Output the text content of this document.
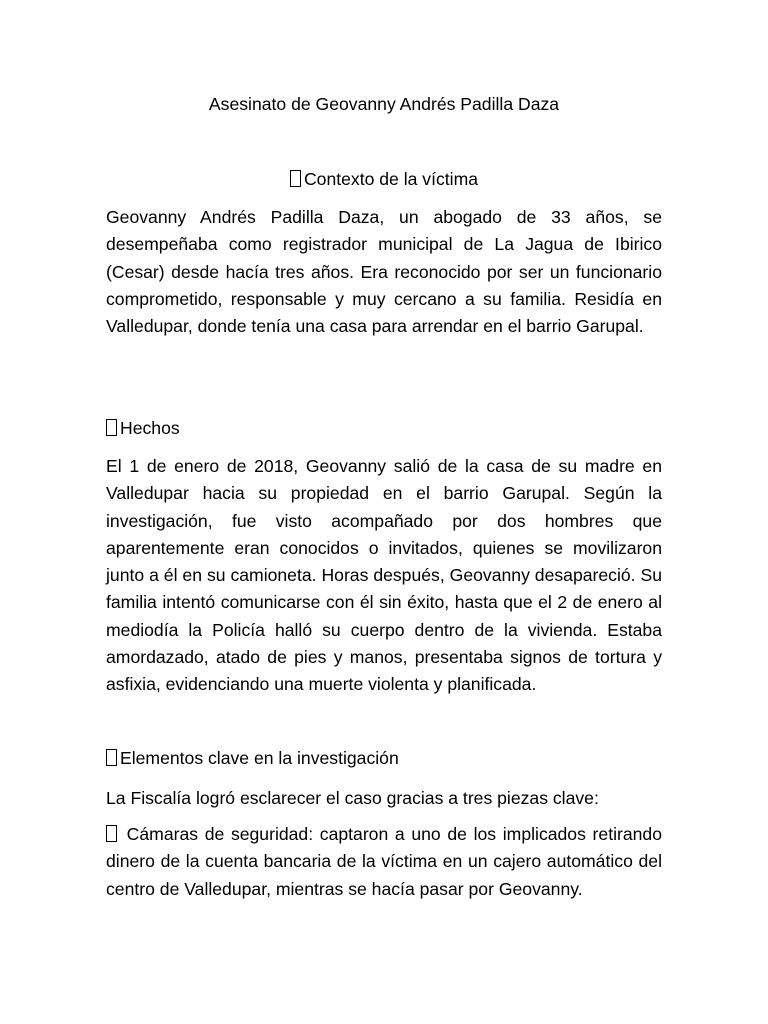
Asesinato de Geovanny Andrés Padilla Daza

Contexto de la víctima

Geovanny Andrés Padilla Daza, un abogado de 33 años, se desempeñaba como registrador municipal de La Jagua de Ibirico (Cesar) desde hacía tres años. Era reconocido por ser un funcionario comprometido, responsable y muy cercano a su familia. Residía en Valledupar, donde tenía una casa para arrendar en el barrio Garupal.

Hechos

El 1 de enero de 2018, Geovanny salió de la casa de su madre en Valledupar hacia su propiedad en el barrio Garupal. Según la investigación, fue visto acompañado por dos hombres que aparentemente eran conocidos o invitados, quienes se movilizaron junto a él en su camioneta. Horas después, Geovanny desapareció. Su familia intentó comunicarse con él sin éxito, hasta que el 2 de enero al mediodía la Policía halló su cuerpo dentro de la vivienda. Estaba amordazado, atado de pies y manos, presentaba signos de tortura y asfixia, evidenciando una muerte violenta y planificada.

Elementos clave en la investigación

La Fiscalía logró esclarecer el caso gracias a tres piezas clave:

Cámaras de seguridad: captaron a uno de los implicados retirando dinero de la cuenta bancaria de la víctima en un cajero automático del centro de Valledupar, mientras se hacía pasar por Geovanny.
